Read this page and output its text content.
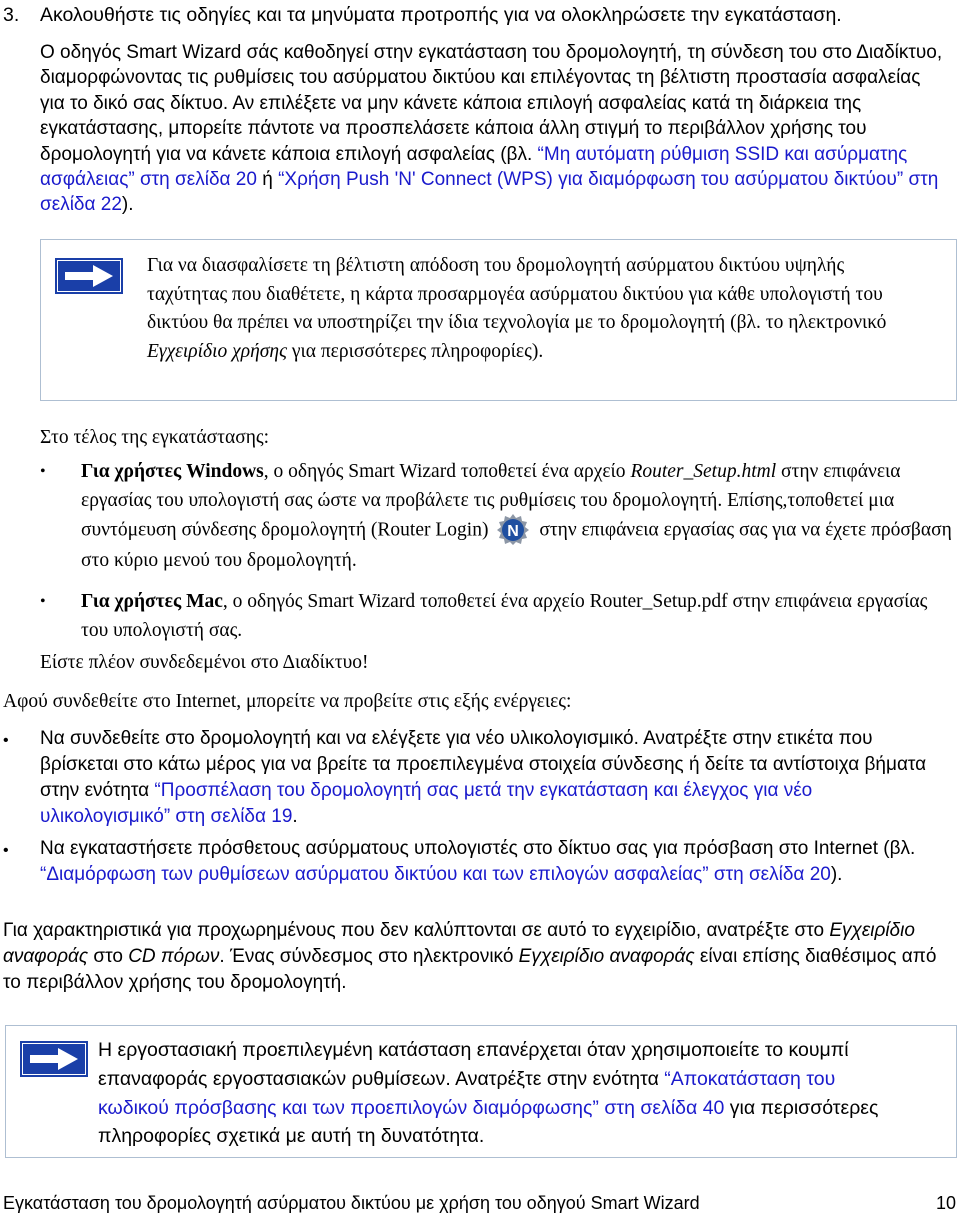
3. Ακολουθήστε τις οδηγίες και τα μηνύματα προτροπής για να ολοκληρώσετε την εγκατάσταση.
Ο οδηγός Smart Wizard σάς καθοδηγεί στην εγκατάσταση του δρομολογητή, τη σύνδεση του στο Διαδίκτυο, διαμορφώνοντας τις ρυθμίσεις του ασύρματου δικτύου και επιλέγοντας τη βέλτιστη προστασία ασφαλείας για το δικό σας δίκτυο. Αν επιλέξετε να μην κάνετε κάποια επιλογή ασφαλείας κατά τη διάρκεια της εγκατάστασης, μπορείτε πάντοτε να προσπελάσετε κάποια άλλη στιγμή το περιβάλλον χρήσης του δρομολογητή για να κάνετε κάποια επιλογή ασφαλείας (βλ. “Μη αυτόματη ρύθμιση SSID και ασύρματης ασφάλειας” στη σελίδα 20 ή “Χρήση Push 'N' Connect (WPS) για διαμόρφωση του ασύρματου δικτύου” στη σελίδα 22).
Για να διασφαλίσετε τη βέλτιστη απόδοση του δρομολογητή ασύρματου δικτύου υψηλής ταχύτητας που διαθέτετε, η κάρτα προσαρμογέα ασύρματου δικτύου για κάθε υπολογιστή του δικτύου θα πρέπει να υποστηρίζει την ίδια τεχνολογία με το δρομολογητή (βλ. το ηλεκτρονικό Εγχειρίδιο χρήσης για περισσότερες πληροφορίες).
Στο τέλος της εγκατάστασης:
• Για χρήστες Windows, ο οδηγός Smart Wizard τοποθετεί ένα αρχείο Router_Setup.html στην επιφάνεια εργασίας του υπολογιστή σας ώστε να προβάλετε τις ρυθμίσεις του δρομολογητή. Επίσης,τοποθετεί μια συντόμευση σύνδεσης δρομολογητή (Router Login) N στην επιφάνεια εργασίας σας για να έχετε πρόσβαση στο κύριο μενού του δρομολογητή.
• Για χρήστες Mac, ο οδηγός Smart Wizard τοποθετεί ένα αρχείο Router_Setup.pdf στην επιφάνεια εργασίας του υπολογιστή σας.
Είστε πλέον συνδεδεμένοι στο Διαδίκτυο!
Αφού συνδεθείτε στο Internet, μπορείτε να προβείτε στις εξής ενέργειες:
• Να συνδεθείτε στο δρομολογητή και να ελέγξετε για νέο υλικολογισμικό. Ανατρέξτε στην ετικέτα που βρίσκεται στο κάτω μέρος για να βρείτε τα προεπιλεγμένα στοιχεία σύνδεσης ή δείτε τα αντίστοιχα βήματα στην ενότητα “Προσπέλαση του δρομολογητή σας μετά την εγκατάσταση και έλεγχος για νέο υλικολογισμικό” στη σελίδα 19.
• Να εγκαταστήσετε πρόσθετους ασύρματους υπολογιστές στο δίκτυο σας για πρόσβαση στο Internet (βλ. “Διαμόρφωση των ρυθμίσεων ασύρματου δικτύου και των επιλογών ασφαλείας” στη σελίδα 20).
Για χαρακτηριστικά για προχωρημένους που δεν καλύπτονται σε αυτό το εγχειρίδιο, ανατρέξτε στο Εγχειρίδιο αναφοράς στο CD πόρων. Ένας σύνδεσμος στο ηλεκτρονικό Εγχειρίδιο αναφοράς είναι επίσης διαθέσιμος από το περιβάλλον χρήσης του δρομολογητή.
Η εργοστασιακή προεπιλεγμένη κατάσταση επανέρχεται όταν χρησιμοποιείτε το κουμπί επαναφοράς εργοστασιακών ρυθμίσεων. Ανατρέξτε στην ενότητα “Αποκατάσταση του κωδικού πρόσβασης και των προεπιλογών διαμόρφωσης” στη σελίδα 40 για περισσότερες πληροφορίες σχετικά με αυτή τη δυνατότητα.
Εγκατάσταση του δρομολογητή ασύρματου δικτύου με χρήση του οδηγού Smart Wizard	10
